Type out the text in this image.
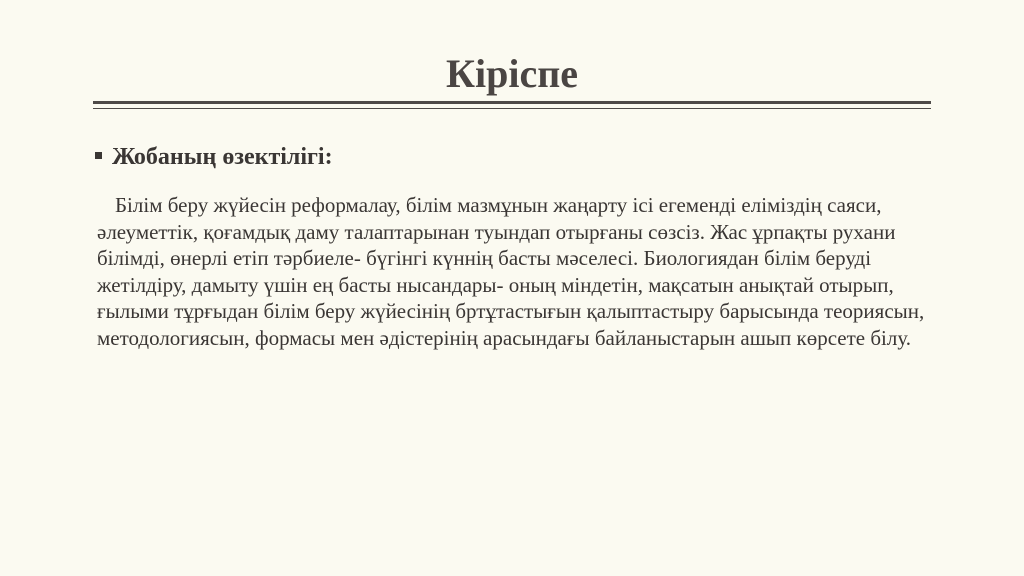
Кіріспе
Жобаның өзектілігі:

Білім беру жүйесін реформалау, білім мазмұнын жаңарту ісі егеменді еліміздің саяси, әлеуметтік, қоғамдық даму талаптарынан туындап отырғаны сөзсіз. Жас ұрпақты рухани білімді, өнерлі етіп тәрбиеле- бүгінгі күннің басты мәселесі. Биологиядан білім беруді жетілдіру, дамыту үшін ең басты нысандары- оның міндетін, мақсатын анықтай отырып, ғылыми тұрғыдан білім беру жүйесінің бртұтастығын қалыптастыру барысында теориясын, методологиясын, формасы мен әдістерінің арасындағы байланыстарын ашып көрсете білу.
